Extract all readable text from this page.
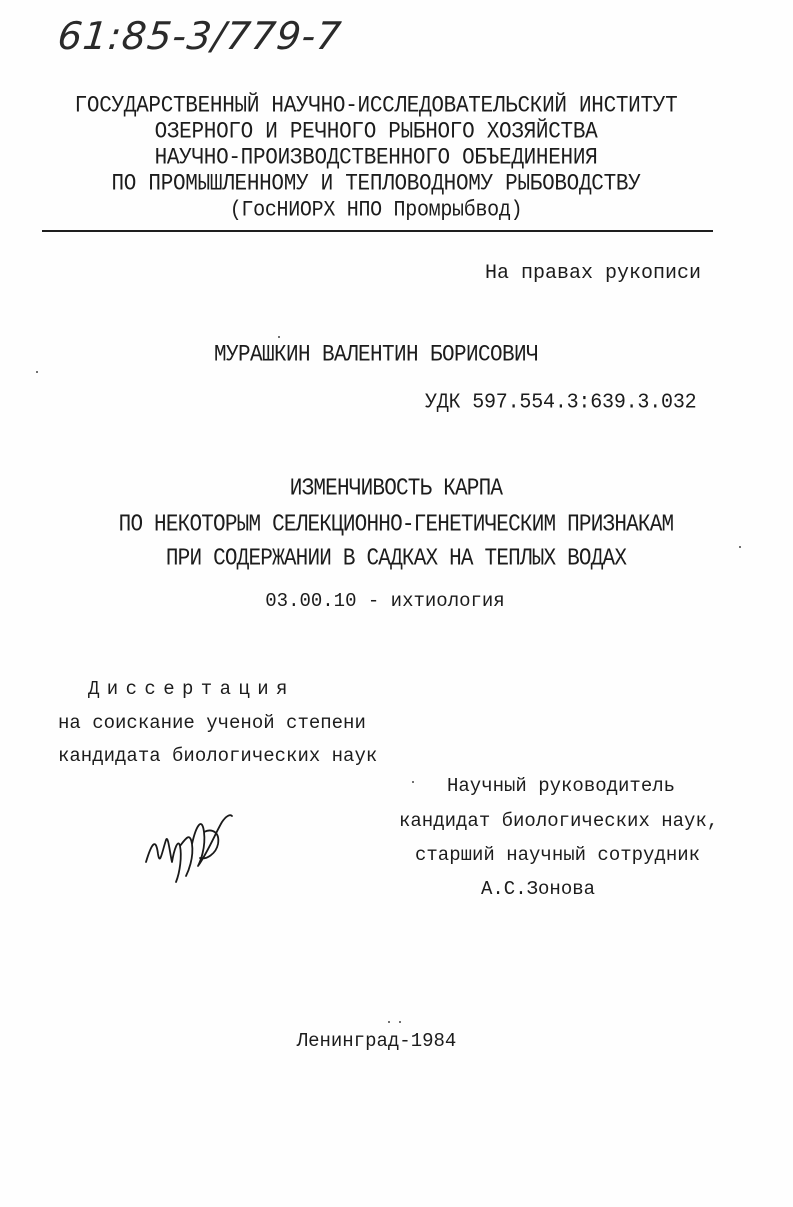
61:85-3/779-7
ГОСУДАРСТВЕННЫЙ НАУЧНО-ИССЛЕДОВАТЕЛЬСКИЙ ИНСТИТУТ
ОЗЕРНОГО И РЕЧНОГО РЫБНОГО ХОЗЯЙСТВА
НАУЧНО-ПРОИЗВОДСТВЕННОГО ОБЪЕДИНЕНИЯ
ПО ПРОМЫШЛЕННОМУ И ТЕПЛОВОДНОМУ РЫБОВОДСТВУ
(ГосНИОРХ НПО Промрыбвод)
На правах рукописи
МУРАШКИН ВАЛЕНТИН БОРИСОВИЧ
УДК 597.554.3:639.3.032
ИЗМЕНЧИВОСТЬ КАРПА
ПО НЕКОТОРЫМ СЕЛЕКЦИОННО-ГЕНЕТИЧЕСКИМ ПРИЗНАКАМ
ПРИ СОДЕРЖАНИИ В САДКАХ НА ТЕПЛЫХ ВОДАХ
03.00.10 - ихтиология
Диссертация
на соискание ученой степени
кандидата биологических наук
Научный руководитель
кандидат биологических наук,
старший научный сотрудник
А.С.Зонова
Ленинград-1984
